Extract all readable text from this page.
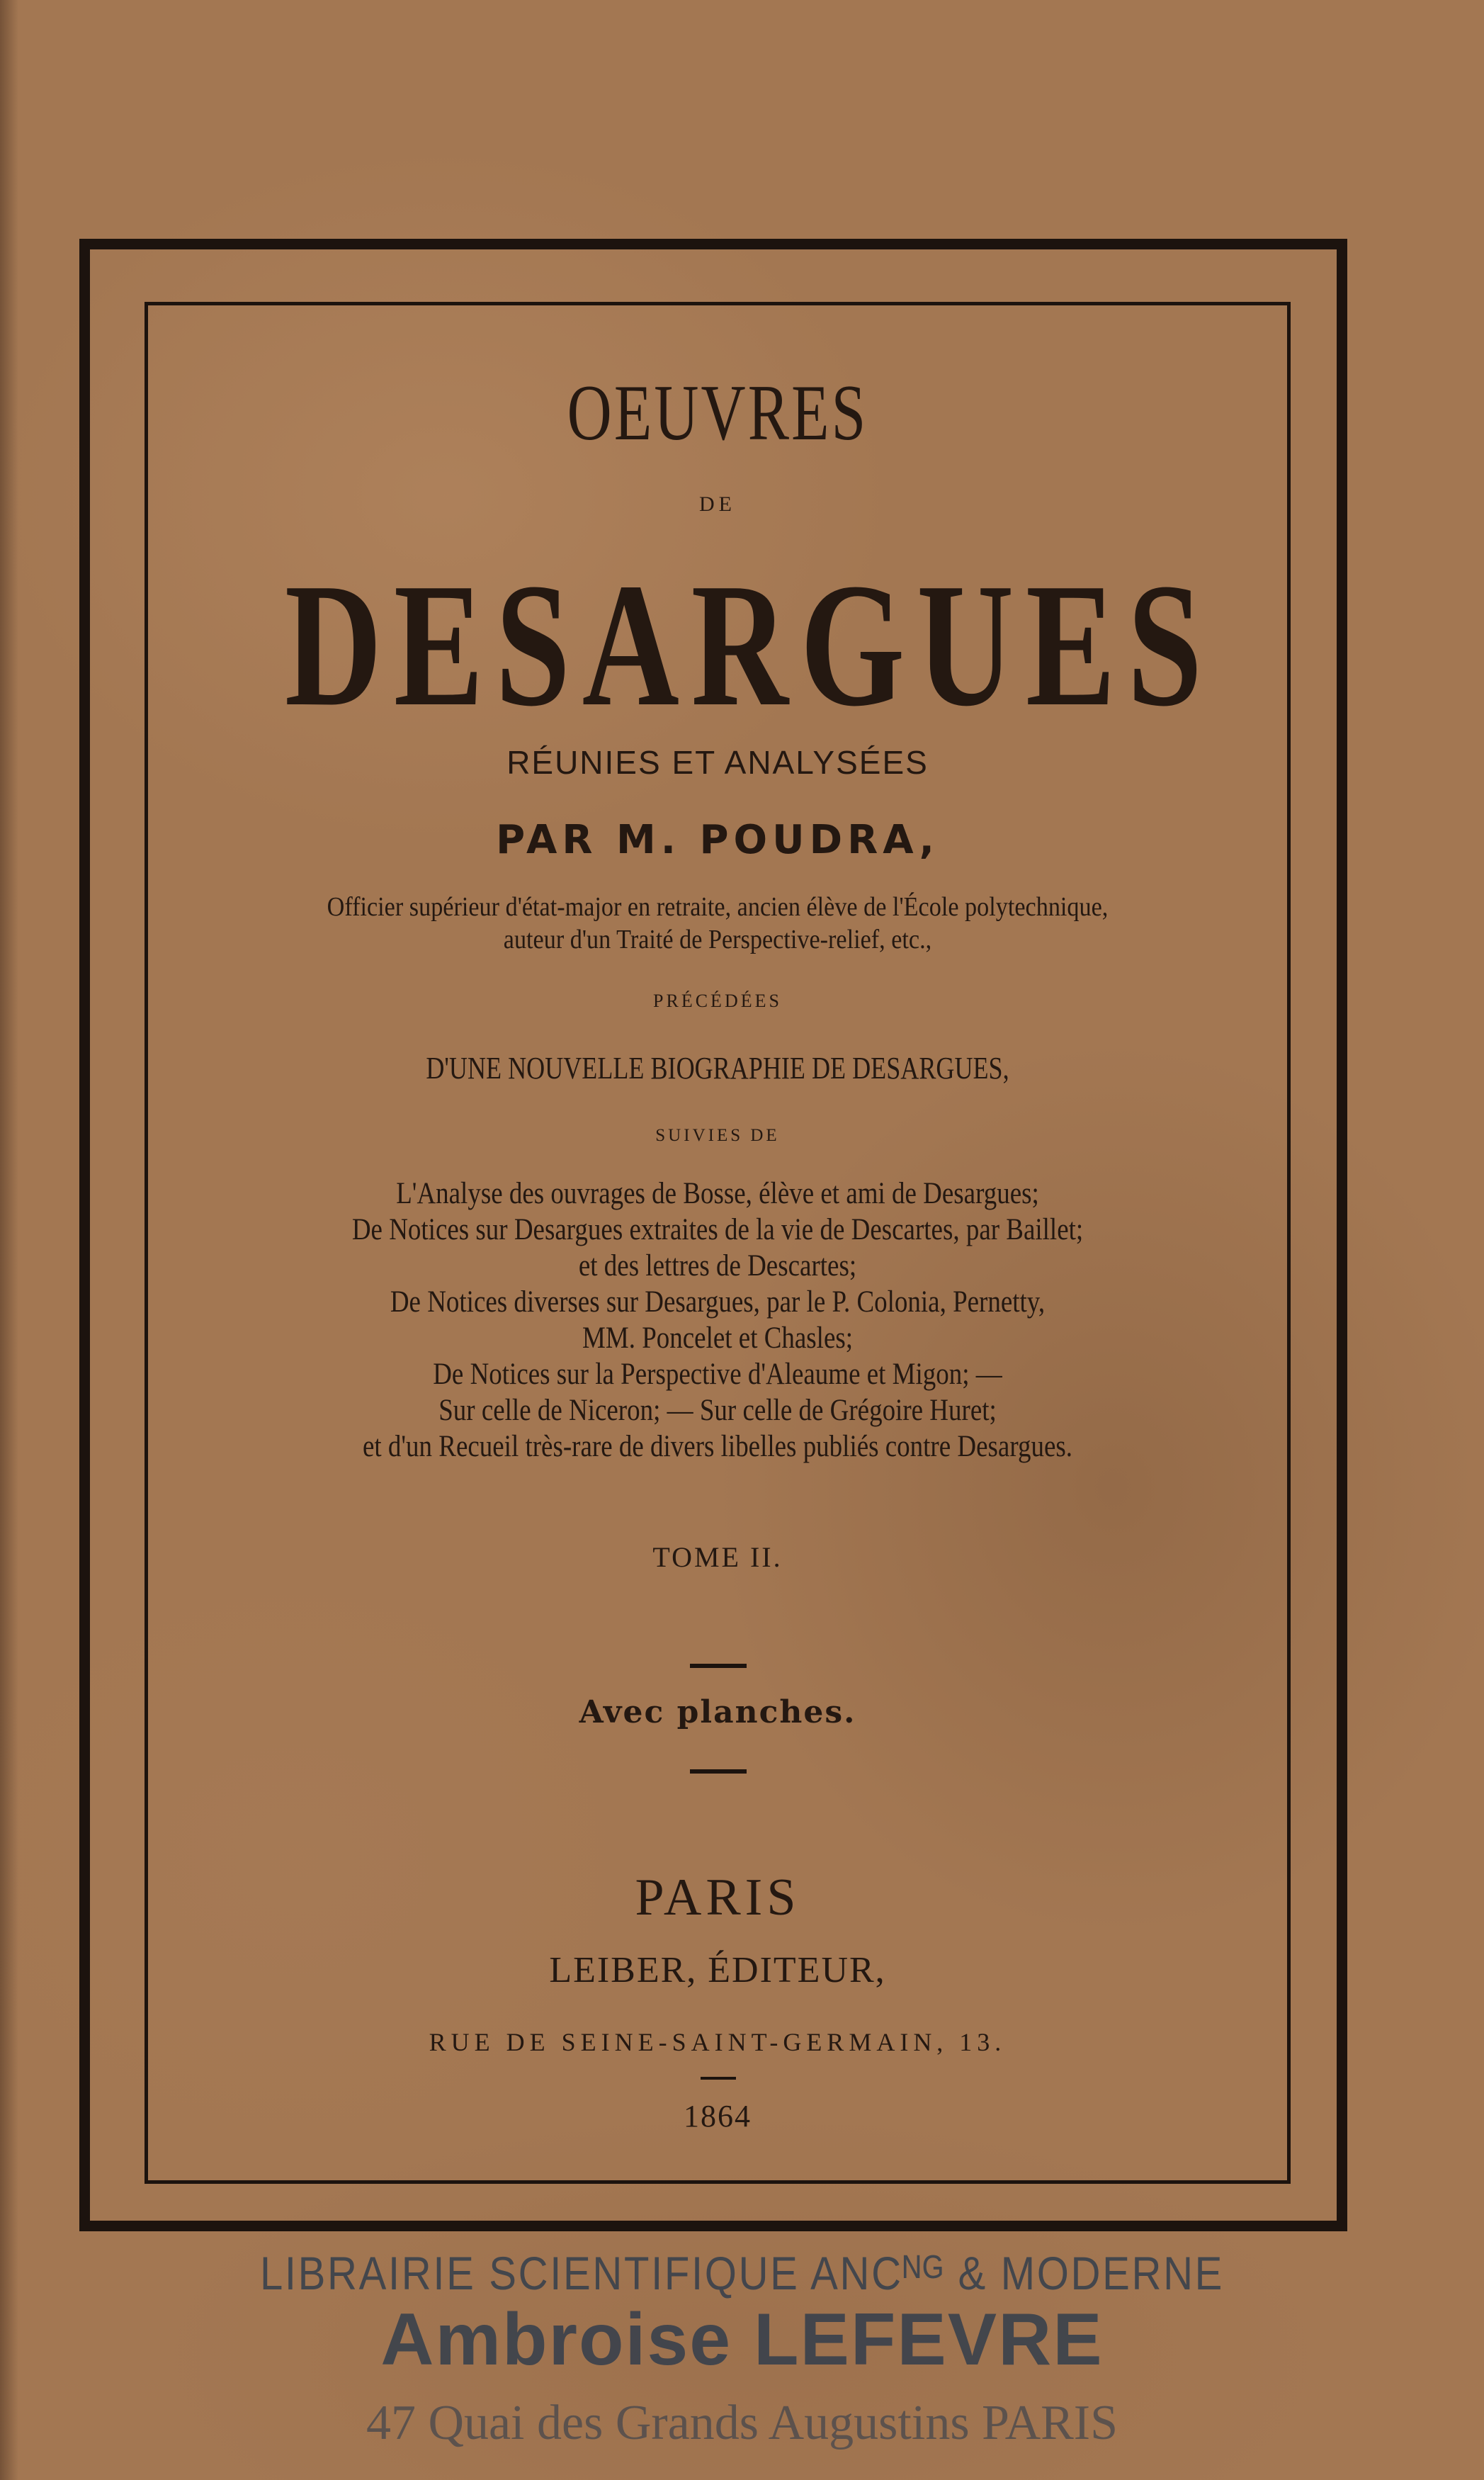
OEUVRES
DE
DESARGUES
RÉUNIES ET ANALYSÉES
PAR M. POUDRA,
Officier supérieur d'état-major en retraite, ancien élève de l'École polytechnique,
auteur d'un Traité de Perspective-relief, etc.,
PRÉCÉDÉES
D'UNE NOUVELLE BIOGRAPHIE DE DESARGUES,
SUIVIES DE
L'Analyse des ouvrages de Bosse, élève et ami de Desargues;
De Notices sur Desargues extraites de la vie de Descartes, par Baillet;
et des lettres de Descartes;
De Notices diverses sur Desargues, par le P. Colonia, Pernetty,
MM. Poncelet et Chasles;
De Notices sur la Perspective d'Aleaume et Migon; —
Sur celle de Niceron; — Sur celle de Grégoire Huret;
et d'un Recueil très-rare de divers libelles publiés contre Desargues.
TOME II.
Avec planches.
PARIS
LEIBER, ÉDITEUR,
RUE DE SEINE-SAINT-GERMAIN, 13.
1864
LIBRAIRIE SCIENTIFIQUE ANCᴺᴳ & MODERNE
Ambroise LEFEVRE
47 Quai des Grands Augustins PARIS
